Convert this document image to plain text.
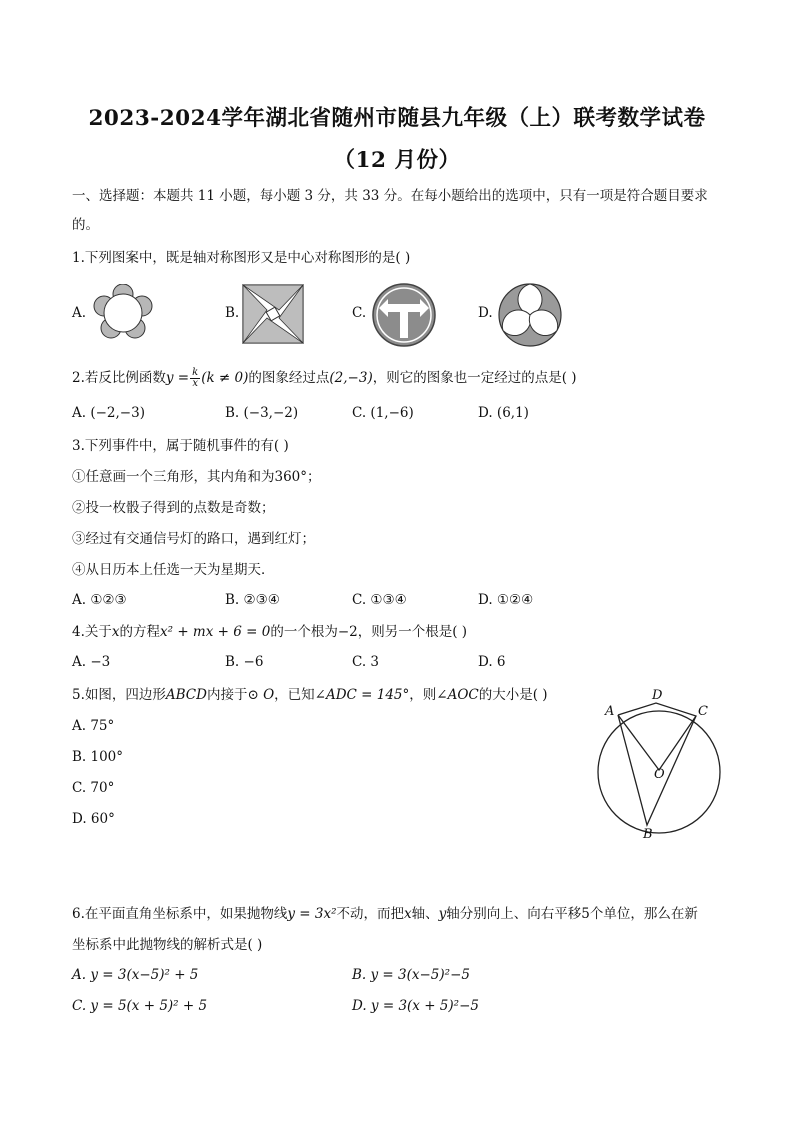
2023-2024学年湖北省随州市随县九年级（上）联考数学试卷（12 月份）
一、选择题：本题共 11 小题，每小题 3 分，共 33 分。在每小题给出的选项中，只有一项是符合题目要求的。
1.下列图案中，既是轴对称图形又是中心对称图形的是( )
A.	B.	C.	D.
2.若反比例函数$y = \frac{k}{x} (k \ne 0)$的图象经过点(2,−3)，则它的图象也一定经过的点是( )
A. (−2,−3)	B. (−3,−2)	C. (1,−6)	D. (6,1)
3.下列事件中，属于随机事件的有( )
①任意画一个三角形，其内角和为360°；
②投一枚骰子得到的点数是奇数；
③经过有交通信号灯的路口，遇到红灯；
④从日历本上任选一天为星期天．
A. ①②③	B. ②③④	C. ①③④	D. ①②④
4.关于x的方程x² + mx + 6 = 0的一个根为−2，则另一个根是( )
A. −3	B. −6	C. 3	D. 6
5.如图，四边形ABCD内接于⊙ O，已知∠ADC = 145°，则∠AOC的大小是( )
A. 75°
B. 100°
C. 70°
D. 60°
A
D
C
O
B
6.在平面直角坐标系中，如果抛物线y = 3x²不动，而把x轴、y轴分别向上、向右平移5个单位，那么在新
坐标系中此抛物线的解析式是( )
A. y = 3(x−5)² + 5	B. y = 3(x−5)²−5
C. y = 5(x + 5)² + 5	D. y = 3(x + 5)²−5
